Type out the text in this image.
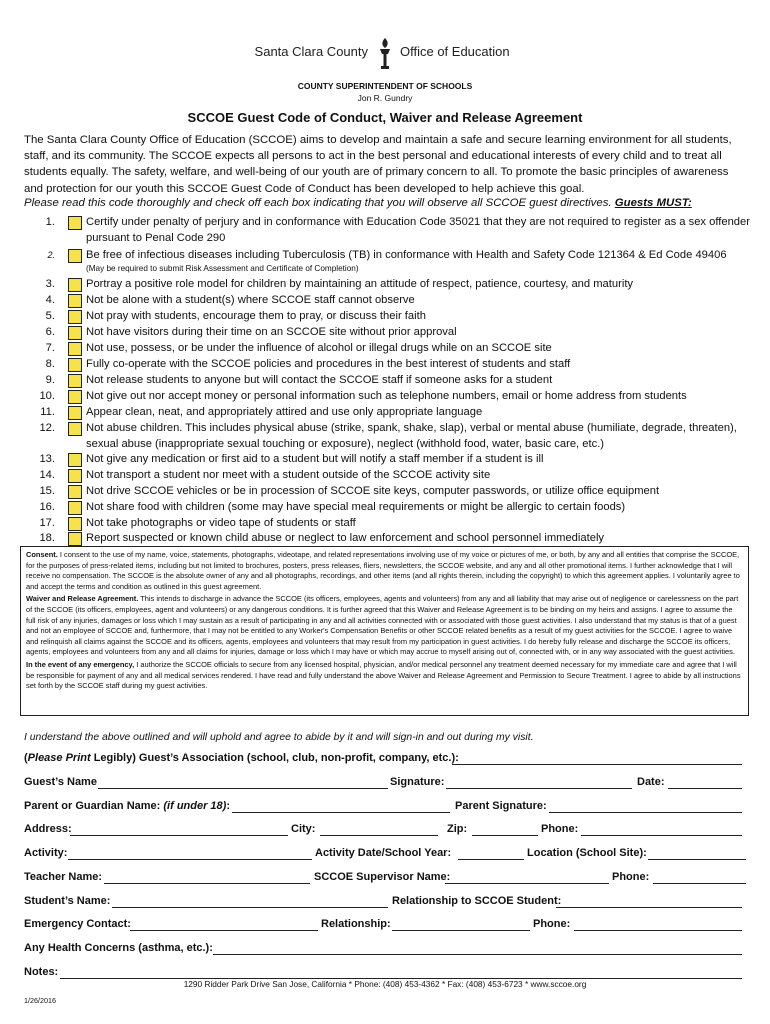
Santa Clara County Office of Education
COUNTY SUPERINTENDENT OF SCHOOLS
Jon R. Gundry
SCCOE Guest Code of Conduct, Waiver and Release Agreement
The Santa Clara County Office of Education (SCCOE) aims to develop and maintain a safe and secure learning environment for all students, staff, and its community. The SCCOE expects all persons to act in the best personal and educational interests of every child and to treat all students equally. The safety, welfare, and well-being of our youth are of primary concern to all. To promote the basic principles of awareness and protection for our youth this SCCOE Guest Code of Conduct has been developed to help achieve this goal.
Please read this code thoroughly and check off each box indicating that you will observe all SCCOE guest directives. Guests MUST:
1.	Certify under penalty of perjury and in conformance with Education Code 35021 that they are not required to register as a sex offender pursuant to Penal Code 290
2.	Be free of infectious diseases including Tuberculosis (TB) in conformance with Health and Safety Code 121364 & Ed Code 49406
(May be required to submit Risk Assessment and Certificate of Completion)
3.	Portray a positive role model for children by maintaining an attitude of respect, patience, courtesy, and maturity
4.	Not be alone with a student(s) where SCCOE staff cannot observe
5.	Not pray with students, encourage them to pray, or discuss their faith
6.	Not have visitors during their time on an SCCOE site without prior approval
7.	Not use, possess, or be under the influence of alcohol or illegal drugs while on an SCCOE site
8.	Fully co-operate with the SCCOE policies and procedures in the best interest of students and staff
9.	Not release students to anyone but will contact the SCCOE staff if someone asks for a student
10.	Not give out nor accept money or personal information such as telephone numbers, email or home address from students
11.	Appear clean, neat, and appropriately attired and use only appropriate language
12.	Not abuse children. This includes physical abuse (strike, spank, shake, slap), verbal or mental abuse (humiliate, degrade, threaten), sexual abuse (inappropriate sexual touching or exposure), neglect (withhold food, water, basic care, etc.)
13.	Not give any medication or first aid to a student but will notify a staff member if a student is ill
14.	Not transport a student nor meet with a student outside of the SCCOE activity site
15.	Not drive SCCOE vehicles or be in procession of SCCOE site keys, computer passwords, or utilize office equipment
16.	Not share food with children (some may have special meal requirements or might be allergic to certain foods)
17.	Not take photographs or video tape of students or staff
18.	Report suspected or known child abuse or neglect to law enforcement and school personnel immediately

Consent. I consent to the use of my name, voice, statements, photographs, videotape, and related representations involving use of my voice or pictures of me, or both, by any and all entities that comprise the SCCOE, for the purposes of press-related items, including but not limited to brochures, posters, press releases, fliers, newsletters, the SCCOE website, and any and all other promotional items. I further acknowledge that I will receive no compensation. The SCCOE is the absolute owner of any and all photographs, recordings, and other items (and all rights therein, including the copyright) to which this agreement applies. I voluntarily agree to and accept the terms and condition as outlined in this guest agreement.

Waiver and Release Agreement. This intends to discharge in advance the SCCOE (its officers, employees, agents and volunteers) from any and all liability that may arise out of negligence or carelessness on the part of the SCCOE (its officers, employees, agent and volunteers) or any dangerous conditions. It is further agreed that this Waiver and Release Agreement is to be binding on my heirs and assigns. I agree to assume the full risk of any injuries, damages or loss which I may sustain as a result of participating in any and all activities connected with or associated with those guest activities. I also understand that my status is that of a guest and not an employee of SCCOE and, furthermore, that I may not be entitled to any Worker's Compensation Benefits or other SCCOE related benefits as a result of my guest activities for the SCCOE. I agree to waive and relinquish all claims against the SCCOE and its officers, agents, employees and volunteers that may result from my participation in guest activities. I do hereby fully release and discharge the SCCOE its officers, agents, employees and volunteers from any and all claims for injuries, damage or loss which I may have or which may accrue to myself arising out of, connected with, or in any way associated with the guest activities.

In the event of any emergency, I authorize the SCCOE officials to secure from any licensed hospital, physician, and/or medical personnel any treatment deemed necessary for my immediate care and agree that I will be responsible for payment of any and all medical services rendered. I have read and fully understand the above Waiver and Release Agreement and Permission to Secure Treatment. I agree to abide by all instructions set forth by the SCCOE staff during my guest activities.

I understand the above outlined and will uphold and agree to abide by it and will sign-in and out during my visit.
(Please Print Legibly) Guest’s Association (school, club, non-profit, company, etc.):
Guest’s Name	Signature:	Date:
Parent or Guardian Name: (if under 18):	Parent Signature:
Address:	City:	Zip:	Phone:
Activity:	Activity Date/School Year:	Location (School Site):
Teacher Name:	SCCOE Supervisor Name:	Phone:
Student’s Name:	Relationship to SCCOE Student:
Emergency Contact:	Relationship:	Phone:
Any Health Concerns (asthma, etc.):
Notes:
1290 Ridder Park Drive San Jose, California * Phone: (408) 453-4362 * Fax: (408) 453-6723 * www.sccoe.org
1/26/2016
